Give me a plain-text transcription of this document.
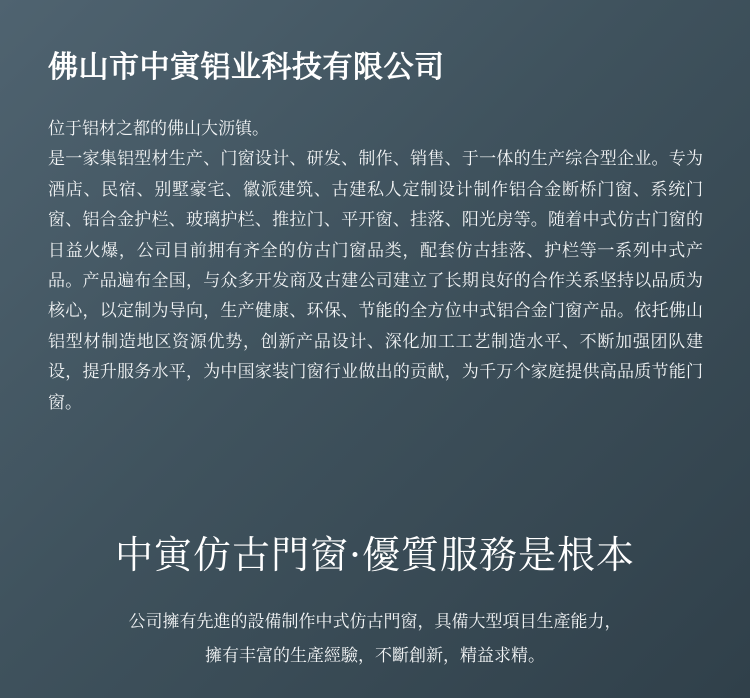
佛山市中寅铝业科技有限公司

位于铝材之都的佛山大沥镇。

是一家集铝型材生产、门窗设计、研发、制作、销售、于一体的生产综合型企业。专为酒店、民宿、别墅豪宅、徽派建筑、古建私人定制设计制作铝合金断桥门窗、系统门窗、铝合金护栏、玻璃护栏、推拉门、平开窗、挂落、阳光房等。随着中式仿古门窗的日益火爆，公司目前拥有齐全的仿古门窗品类，配套仿古挂落、护栏等一系列中式产品。产品遍布全国，与众多开发商及古建公司建立了长期良好的合作关系坚持以品质为核心，以定制为导向，生产健康、环保、节能的全方位中式铝合金门窗产品。依托佛山铝型材制造地区资源优势，创新产品设计、深化加工工艺制造水平、不断加强团队建设，提升服务水平，为中国家装门窗行业做出的贡献，为千万个家庭提供高品质节能门窗。

中寅仿古門窗·優質服務是根本
公司擁有先進的設備制作中式仿古門窗，具備大型項目生產能力，
擁有丰富的生產經驗，不斷創新，精益求精。
